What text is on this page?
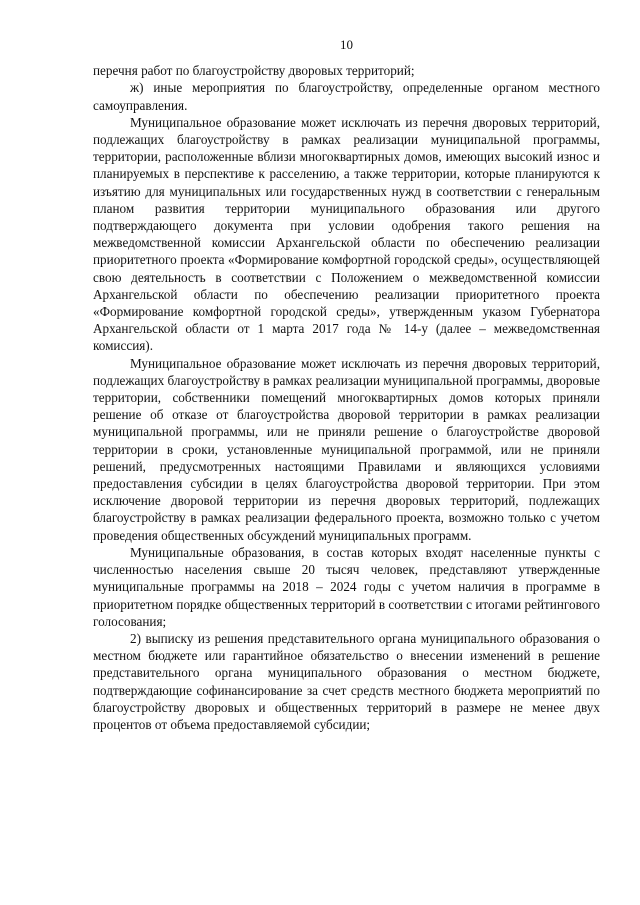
10

перечня работ по благоустройству дворовых территорий;

ж) иные мероприятия по благоустройству, определенные органом местного самоуправления.

Муниципальное образование может исключать из перечня дворовых территорий, подлежащих благоустройству в рамках реализации муниципальной программы, территории, расположенные вблизи многоквартирных домов, имеющих высокий износ и планируемых в перспективе к расселению, а также территории, которые планируются к изъятию для муниципальных или государственных нужд в соответствии с генеральным планом развития территории муниципального образования или другого подтверждающего документа при условии одобрения такого решения на межведомственной комиссии Архангельской области по обеспечению реализации приоритетного проекта «Формирование комфортной городской среды», осуществляющей свою деятельность в соответствии с Положением о межведомственной комиссии Архангельской области по обеспечению реализации приоритетного проекта «Формирование комфортной городской среды», утвержденным указом Губернатора Архангельской области от 1 марта 2017 года № 14-у (далее – межведомственная комиссия).

Муниципальное образование может исключать из перечня дворовых территорий, подлежащих благоустройству в рамках реализации муниципальной программы, дворовые территории, собственники помещений многоквартирных домов которых приняли решение об отказе от благоустройства дворовой территории в рамках реализации муниципальной программы, или не приняли решение о благоустройстве дворовой территории в сроки, установленные муниципальной программой, или не приняли решений, предусмотренных настоящими Правилами и являющихся условиями предоставления субсидии в целях благоустройства дворовой территории. При этом исключение дворовой территории из перечня дворовых территорий, подлежащих благоустройству в рамках реализации федерального проекта, возможно только с учетом проведения общественных обсуждений муниципальных программ.

Муниципальные образования, в состав которых входят населенные пункты с численностью населения свыше 20 тысяч человек, представляют утвержденные муниципальные программы на 2018 – 2024 годы с учетом наличия в программе в приоритетном порядке общественных территорий в соответствии с итогами рейтингового голосования;

2) выписку из решения представительного органа муниципального образования о местном бюджете или гарантийное обязательство о внесении изменений в решение представительного органа муниципального образования о местном бюджете, подтверждающие софинансирование за счет средств местного бюджета мероприятий по благоустройству дворовых и общественных территорий в размере не менее двух процентов от объема предоставляемой субсидии;
